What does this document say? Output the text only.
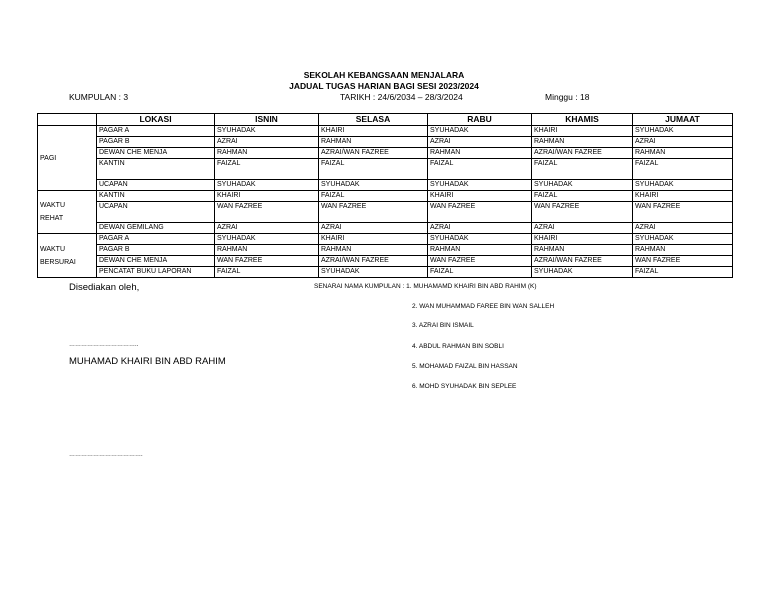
SEKOLAH KEBANGSAAN MENJALARA
JADUAL TUGAS HARIAN BAGI SESI 2023/2024
KUMPULAN : 3	TARIKH : 24/6/2034 – 28/3/2024	Minggu : 18
	LOKASI	ISNIN	SELASA	RABU	KHAMIS	JUMAAT
PAGI	PAGAR A	SYUHADAK	KHAIRI	SYUHADAK	KHAIRI	SYUHADAK
	PAGAR B	AZRAI	RAHMAN	AZRAI	RAHMAN	AZRAI
	DEWAN CHE MENJA	RAHMAN	AZRAI/WAN FAZREE	RAHMAN	AZRAI/WAN FAZREE	RAHMAN
	KANTIN	FAIZAL	FAIZAL	FAIZAL	FAIZAL	FAIZAL
	UCAPAN	SYUHADAK	SYUHADAK	SYUHADAK	SYUHADAK	SYUHADAK
WAKTU
REHAT	KANTIN	KHAIRI	FAIZAL	KHAIRI	FAIZAL	KHAIRI
	UCAPAN	WAN FAZREE	WAN FAZREE	WAN FAZREE	WAN FAZREE	WAN FAZREE
	DEWAN GEMILANG	AZRAI	AZRAI	AZRAI	AZRAI	AZRAI
WAKTU
BERSURAI	PAGAR A	SYUHADAK	KHAIRI	SYUHADAK	KHAIRI	SYUHADAK
	PAGAR B	RAHMAN	RAHMAN	RAHMAN	RAHMAN	RAHMAN
	DEWAN CHE MENJA	WAN FAZREE	AZRAI/WAN FAZREE	WAN FAZREE	AZRAI/WAN FAZREE	WAN FAZREE
	PENCATAT BUKU LAPORAN	FAIZAL	SYUHADAK	FAIZAL	SYUHADAK	FAIZAL
Disediakan oleh,
……………………………..
MUHAMAD KHAIRI BIN ABD RAHIM
……………………………….
SENARAI NAMA KUMPULAN : 1. MUHAMAMD KHAIRI BIN ABD RAHIM (K)
2. WAN MUHAMMAD FAREE BIN WAN SALLEH
3. AZRAI BIN ISMAIL
4. ABDUL RAHMAN BIN SOBLI
5. MOHAMAD FAIZAL BIN HASSAN
6. MOHD SYUHADAK BIN SEPLEE
